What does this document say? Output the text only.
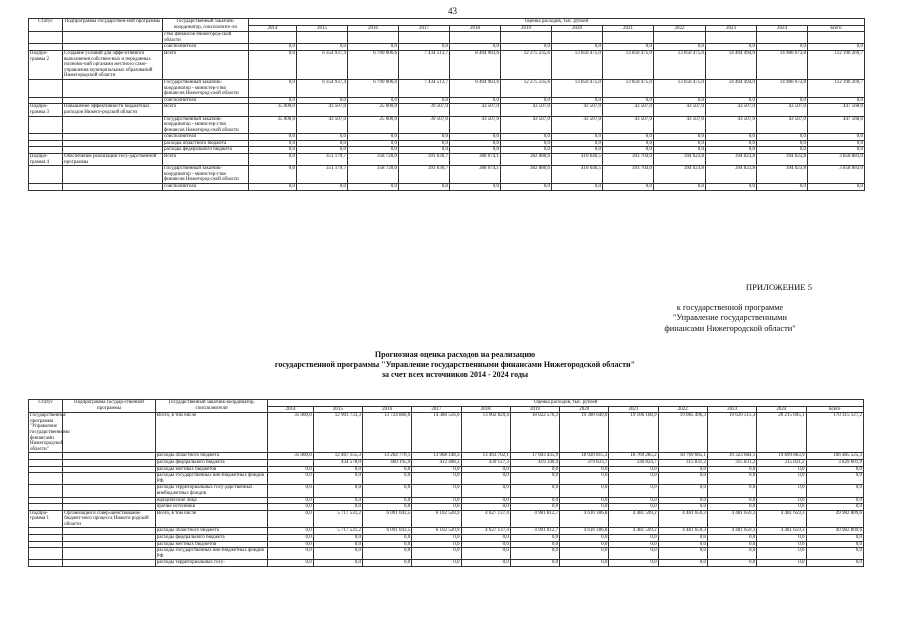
43
Статус	Подпрограмма государствен-ной программы	Государственный заказчик-координатор, соисполните-ли	Оценка расходов, тыс. рублей											
			2014	2015	2016	2017	2018	2019	2020	2021	2022	2023	2024	всего
		ство финансов Нижегород-ской области												
		соисполнители	0,0	0,0	0,0	0,0	0,0	0,0	0,0	0,0	0,0	0,0	0,0	0,0
Подпро-грамма 2	Создание условий для эффе-ктивного выполнения собствен-ных и переданных полномо-чий органами местного само-управления муниципальных образований Нижегородской области	Всего	0,0	6 354 937,4	6 790 006,6	7 434 513,7	8 404 983,6	12 275 235,6	13 850 475,0	13 850 475,0	13 850 475,0	14 404 494,0	14 980 673,8	112 196 269,7
		Государственный заказчик-координатор - министер-ство финансов Нижегород-ской области	0,0	6 354 937,4	6 790 006,6	7 434 513,7	8 404 983,6	12 275 235,6	13 850 475,0	13 850 475,0	13 850 475,0	14 404 494,0	14 980 673,8	112 196 269,7
		соисполнители	0,0	0,0	0,0	0,0	0,0	0,0	0,0	0,0	0,0	0,0	0,0	0,0
Подпро-грамма 3	Повышение эффективности бюджетных расходов Нижего-родской области	Всего	35 000,0	43 507,0	25 000,0	39 507,0	43 507,0	43 507,0	43 507,0	43 507,0	43 507,0	43 507,0	43 507,0	447 568,0
		Государственный заказчик-координатор - министер-ство финансов Нижегород-ской области	35 000,0	43 507,0	25 000,0	39 507,0	43 507,0	43 507,0	43 507,0	43 507,0	43 507,0	43 507,0	43 507,0	447 568,0
		соисполнители	0,0	0,0	0,0	0,0	0,0	0,0	0,0	0,0	0,0	0,0	0,0	0,0
		расходы областного бюджета	0,0	0,0	0,0	0,0	0,0	0,0	0,0	0,0	0,0	0,0	0,0	0,0
		расходы федерального бюджета	0,0	0,0	0,0	0,0	0,0	0,0	0,0	0,0	0,0	0,0	0,0	0,0
Подпро-грамма 4	Обеспечение реализации госу-дарственной программы	Всего	0,0	351 179,7	358 720,0	391 636,7	388 074,1	382 880,6	410 646,5	393 704,0	394 023,8	394 023,8	394 023,8	3 858 883,0
		Государственный заказчик-координатор - министер-ство финансов Нижегород-ской области	0,0	351 179,7	358 720,0	391 636,7	388 074,1	382 880,6	410 646,5	393 704,0	394 023,8	394 023,8	394 023,8	3 858 883,0
		соисполнители	0,0	0,0	0,0	0,0	0,0	0,0	0,0	0,0	0,0	0,0	0,0	0,0
ПРИЛОЖЕНИЕ 5
к государственной программе
"Управление государственными
финансами Нижегородской области"
Прогнозная оценка расходов на реализацию
государственной программы "Управление государственными финансами Нижегородской области"
за счет всех источников 2014 - 2024 годы
Статус	Подпрограмма государ-ственной программы	Государственный заказчик-координатор, соисполнители	Оценка расходов, тыс. рублей											
			2014	2015	2016	2017	2018	2019	2020	2021	2022	2023	2024	всего
Государственная программа "Управление государственными финансами Нижегородской области"		Всего, в том числе	35 000,0	12 901 733,3	13 724 866,0	14 380 556,6	13 902 829,4	18 022 576,3	19 300 649,0	19 106 108,9	19 085 496,3	19 639 515,3	20 215 695,1	170 315 127,2
		расходы областного бюджета	35 000,0	12 467 155,3	13 264 770,1	13 968 148,3	13 463 702,1	17 603 435,9	18 920 815,3	18 769 285,2	18 769 665,1	19 323 684,1	19 899 863,9	166 485 525,3
		расходы федерального бюджета		434 578,0	460 195,9	412 408,3	439 127,3	419 140,4	379 833,7	336 824,7	315 831,2	315 831,2	315 831,2	3 829 601,9
		расходы местных бюджетов	0,0	0,0	0,0	0,0	0,0	0,0	0,0	0,0	0,0	0,0	0,0	0,0
		расходы государственных вне-бюджетных фондов РФ	0,0	0,0	0,0	0,0	0,0	0,0	0,0	0,0	0,0	0,0	0,0	0,0
		расходы территориальных госу-дарственных внебюджетных фондов	0,0	0,0	0,0	0,0	0,0	0,0	0,0	0,0	0,0	0,0	0,0	0,0
		юридические лица	0,0	0,0	0,0	0,0	0,0	0,0	0,0	0,0	0,0	0,0	0,0	0,0
		прочие источники	0,0	0,0	0,0	0,0	0,0	0,0	0,0	0,0	0,0	0,0	0,0	0,0
Подпро-грамма 1	Организация и совер-шенствование бюджет-ного процесса Нижего-родской области	Всего, в том числе	0,0	5 717 531,2	6 091 043,5	6 102 520,9	4 627 137,4	4 901 812,7	4 616 186,8	4 481 599,2	4 481 659,3	4 481 659,3	4 481 659,3	49 982 809,6
		расходы областного бюджета	0,0	5 717 531,2	6 091 043,5	6 102 520,9	4 627 137,4	4 901 812,7	4 616 186,8	4 481 599,2	4 481 659,3	4 481 659,3	4 481 659,3	49 982 809,6
		расходы федерального бюджета	0,0	0,0	0,0	0,0	0,0	0,0	0,0	0,0	0,0	0,0	0,0	0,0
		расходы местных бюджетов	0,0	0,0	0,0	0,0	0,0	0,0	0,0	0,0	0,0	0,0	0,0	0,0
		расходы государственных вне-бюджетных фондов РФ	0,0	0,0	0,0	0,0	0,0	0,0	0,0	0,0	0,0	0,0	0,0	0,0
		расходы территориальных госу-	0,0	0,0	0,0	0,0	0,0	0,0	0,0	0,0	0,0	0,0	0,0	0,0
